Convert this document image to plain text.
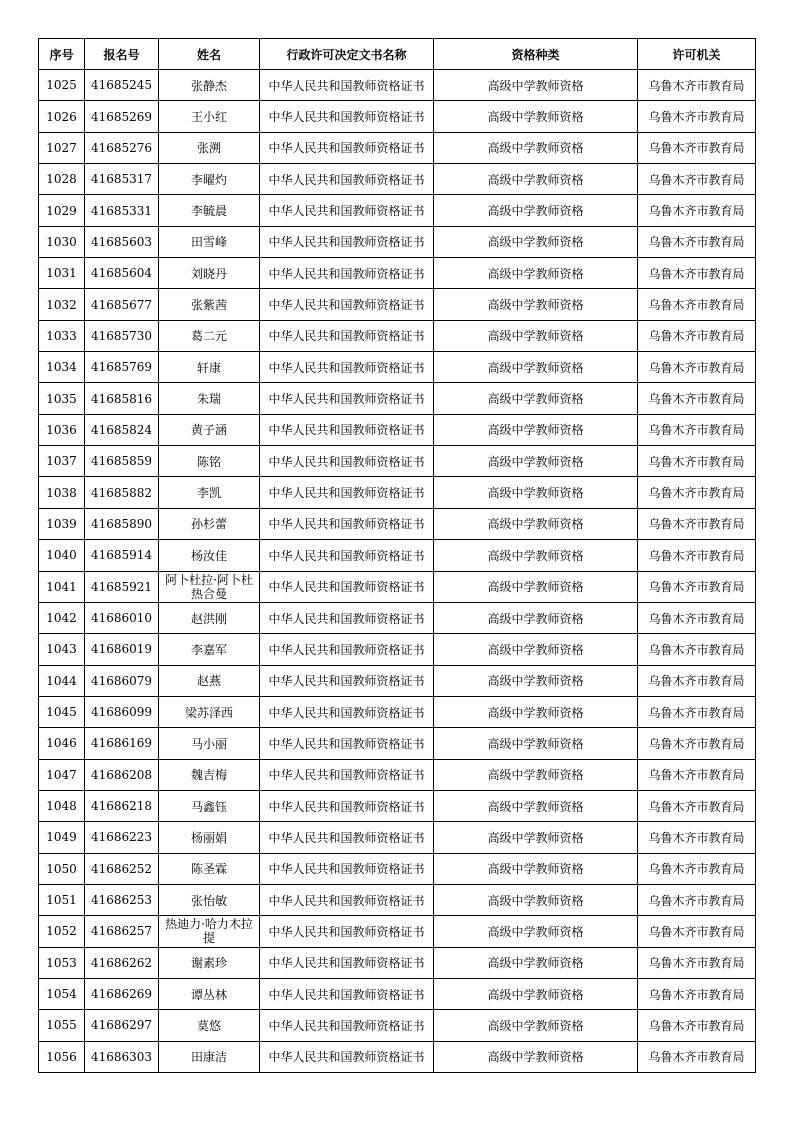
序号	报名号	姓名	行政许可决定文书名称	资格种类	许可机关
1025	41685245	张静杰	中华人民共和国教师资格证书	高级中学教师资格	乌鲁木齐市教育局
1026	41685269	王小红	中华人民共和国教师资格证书	高级中学教师资格	乌鲁木齐市教育局
1027	41685276	张溯	中华人民共和国教师资格证书	高级中学教师资格	乌鲁木齐市教育局
1028	41685317	李曜灼	中华人民共和国教师资格证书	高级中学教师资格	乌鲁木齐市教育局
1029	41685331	李毓晨	中华人民共和国教师资格证书	高级中学教师资格	乌鲁木齐市教育局
1030	41685603	田雪峰	中华人民共和国教师资格证书	高级中学教师资格	乌鲁木齐市教育局
1031	41685604	刘晓丹	中华人民共和国教师资格证书	高级中学教师资格	乌鲁木齐市教育局
1032	41685677	张紫茜	中华人民共和国教师资格证书	高级中学教师资格	乌鲁木齐市教育局
1033	41685730	葛二元	中华人民共和国教师资格证书	高级中学教师资格	乌鲁木齐市教育局
1034	41685769	轩康	中华人民共和国教师资格证书	高级中学教师资格	乌鲁木齐市教育局
1035	41685816	朱瑞	中华人民共和国教师资格证书	高级中学教师资格	乌鲁木齐市教育局
1036	41685824	黄子涵	中华人民共和国教师资格证书	高级中学教师资格	乌鲁木齐市教育局
1037	41685859	陈铭	中华人民共和国教师资格证书	高级中学教师资格	乌鲁木齐市教育局
1038	41685882	李凯	中华人民共和国教师资格证书	高级中学教师资格	乌鲁木齐市教育局
1039	41685890	孙杉蕾	中华人民共和国教师资格证书	高级中学教师资格	乌鲁木齐市教育局
1040	41685914	杨汝佳	中华人民共和国教师资格证书	高级中学教师资格	乌鲁木齐市教育局
1041	41685921	阿卜杜拉·阿卜杜热合曼	中华人民共和国教师资格证书	高级中学教师资格	乌鲁木齐市教育局
1042	41686010	赵洪刚	中华人民共和国教师资格证书	高级中学教师资格	乌鲁木齐市教育局
1043	41686019	李嘉军	中华人民共和国教师资格证书	高级中学教师资格	乌鲁木齐市教育局
1044	41686079	赵燕	中华人民共和国教师资格证书	高级中学教师资格	乌鲁木齐市教育局
1045	41686099	梁苏泽西	中华人民共和国教师资格证书	高级中学教师资格	乌鲁木齐市教育局
1046	41686169	马小丽	中华人民共和国教师资格证书	高级中学教师资格	乌鲁木齐市教育局
1047	41686208	魏吉梅	中华人民共和国教师资格证书	高级中学教师资格	乌鲁木齐市教育局
1048	41686218	马鑫钰	中华人民共和国教师资格证书	高级中学教师资格	乌鲁木齐市教育局
1049	41686223	杨丽娟	中华人民共和国教师资格证书	高级中学教师资格	乌鲁木齐市教育局
1050	41686252	陈圣霖	中华人民共和国教师资格证书	高级中学教师资格	乌鲁木齐市教育局
1051	41686253	张怡敏	中华人民共和国教师资格证书	高级中学教师资格	乌鲁木齐市教育局
1052	41686257	热迪力·哈力木拉提	中华人民共和国教师资格证书	高级中学教师资格	乌鲁木齐市教育局
1053	41686262	谢素珍	中华人民共和国教师资格证书	高级中学教师资格	乌鲁木齐市教育局
1054	41686269	谭丛林	中华人民共和国教师资格证书	高级中学教师资格	乌鲁木齐市教育局
1055	41686297	莫悠	中华人民共和国教师资格证书	高级中学教师资格	乌鲁木齐市教育局
1056	41686303	田康洁	中华人民共和国教师资格证书	高级中学教师资格	乌鲁木齐市教育局
